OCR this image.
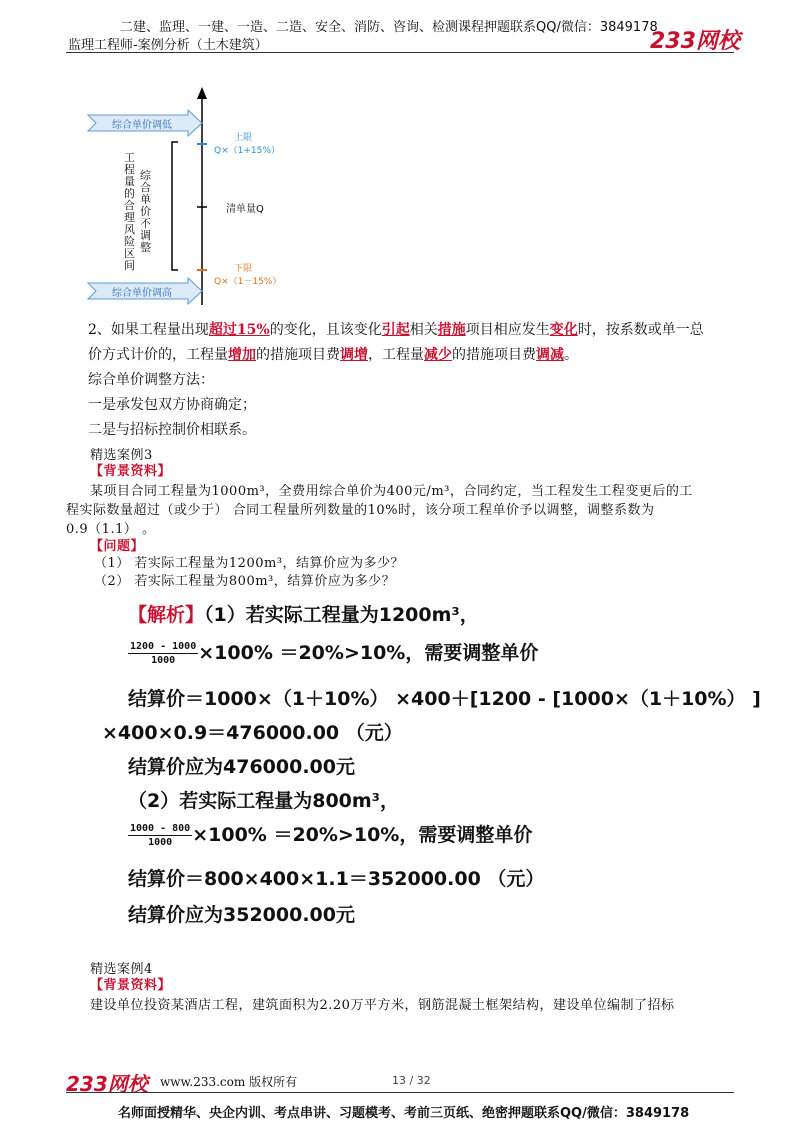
二建、监理、一建、一造、二造、安全、消防、咨询、检测课程押题联系QQ/微信：3849178
监理工程师-案例分析（土木建筑）	233网校
综合单价调低
综合单价调高
工程量的合理风险区间
综合单价不调整
上限
Q×（1+15%）
清单量Q
下限
Q×（1－15%）
2、如果工程量出现超过15%的变化，且该变化引起相关措施项目相应发生变化时，按系数或单一总
价方式计价的，工程量增加的措施项目费调增，工程量减少的措施项目费调减。
综合单价调整方法：
一是承发包双方协商确定；
二是与招标控制价相联系。
精选案例3
【背景资料】
某项目合同工程量为1000m³，全费用综合单价为400元/m³，合同约定，当工程发生工程变更后的工
程实际数量超过（或少于） 合同工程量所列数量的10%时，该分项工程单价予以调整，调整系数为
0.9（1.1） 。
【问题】
（1） 若实际工程量为1200m³，结算价应为多少？
（2） 若实际工程量为800m³，结算价应为多少？
【解析】（1）若实际工程量为1200m³，
$\frac{1200 - 1000}{1000} \times 100\% =20\%>10\%$，需要调整单价
结算价＝1000×（1＋10%） ×400＋[1200 - [1000×（1＋10%） ]
×400×0.9＝476000.00 （元）
结算价应为476000.00元
（2）若实际工程量为800m³，
$\frac{1000 - 800}{1000} \times 100\% =20\%>10\%$，需要调整单价
结算价＝800×400×1.1＝352000.00 （元）
结算价应为352000.00元
精选案例4
【背景资料】
建设单位投资某酒店工程，建筑面积为2.20万平方米，钢筋混凝土框架结构，建设单位编制了招标
233网校 www.233.com 版权所有	13 / 32
名师面授精华、央企内训、考点串讲、习题模考、考前三页纸、绝密押题联系QQ/微信：3849178
